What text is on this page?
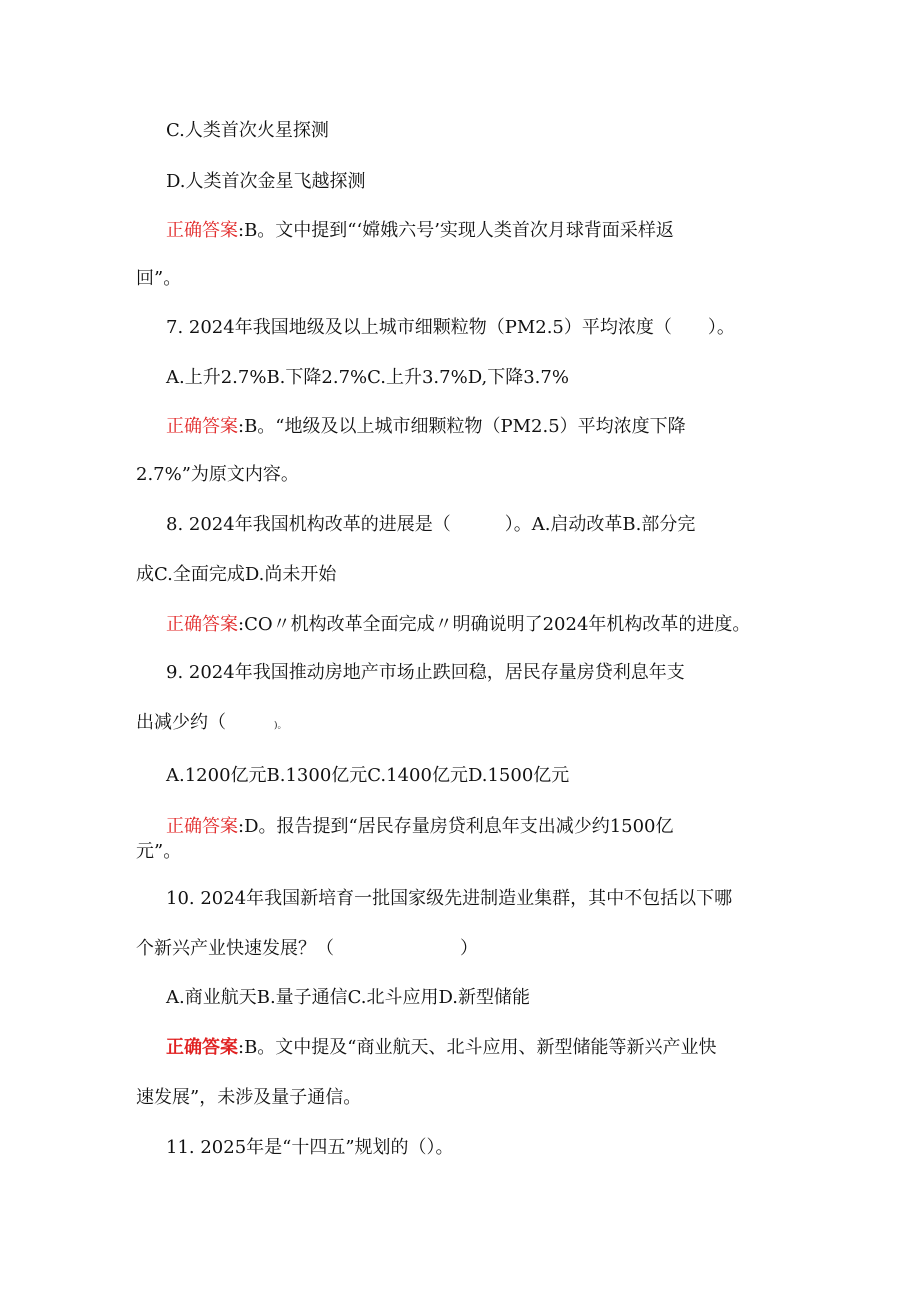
C.人类首次火星探测
D.人类首次金星飞越探测
正确答案:B。文中提到“‘嫦娥六号’实现人类首次月球背面采样返
回”。
7. 2024年我国地级及以上城市细颗粒物（PM2.5）平均浓度（　　）。
A.上升2.7%B.下降2.7%C.上升3.7%D,下降3.7%
正确答案:B。“地级及以上城市细颗粒物（PM2.5）平均浓度下降
2.7%”为原文内容。
8. 2024年我国机构改革的进展是（　　　）。A.启动改革B.部分完
成C.全面完成D.尚未开始
正确答案:CO〃机构改革全面完成〃明确说明了2024年机构改革的进度。
9. 2024年我国推动房地产市场止跌回稳，居民存量房贷利息年支
出减少约（	)。
A.1200亿元B.1300亿元C.1400亿元D.1500亿元
正确答案:D。报告提到“居民存量房贷利息年支出减少约1500亿
元”。
10. 2024年我国新培育一批国家级先进制造业集群，其中不包括以下哪
个新兴产业快速发展？（　　　　　　　）
A.商业航天B.量子通信C.北斗应用D.新型储能
正确答案:B。文中提及“商业航天、北斗应用、新型储能等新兴产业快
速发展”，未涉及量子通信。
11. 2025年是“十四五”规划的（）。
